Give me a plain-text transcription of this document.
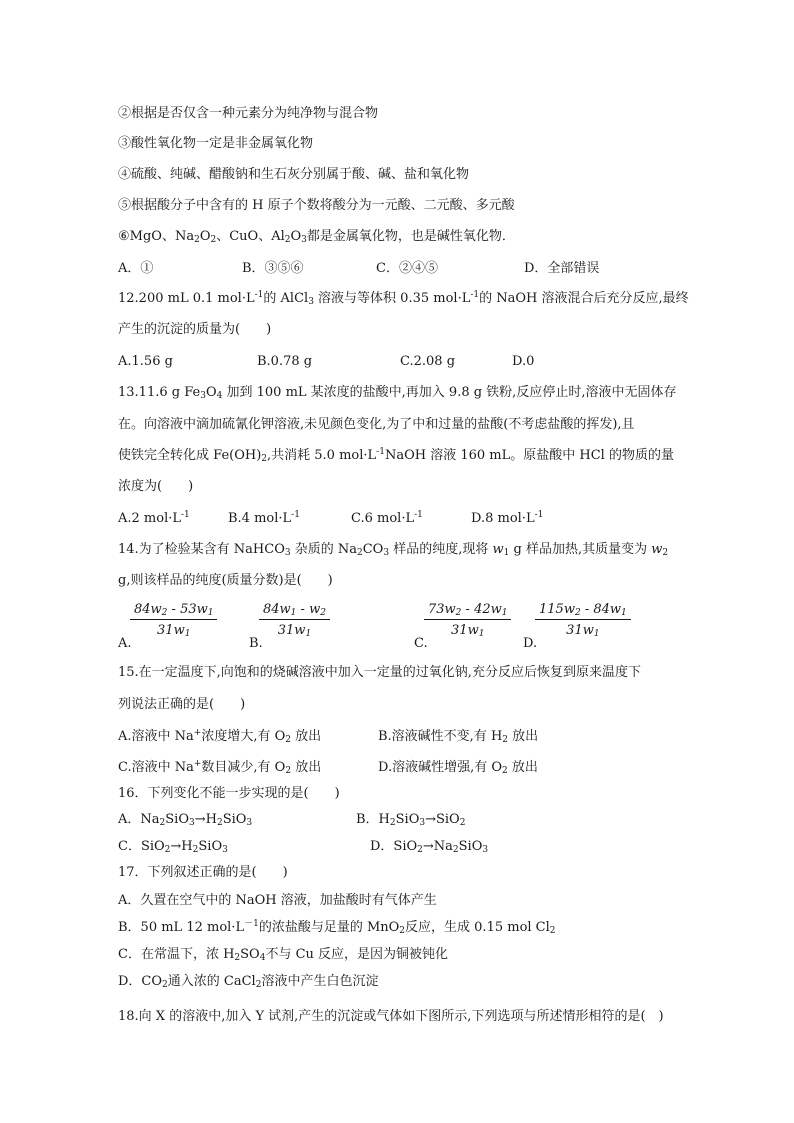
②根据是否仅含一种元素分为纯净物与混合物
③酸性氧化物一定是非金属氧化物
④硫酸、纯碱、醋酸钠和生石灰分别属于酸、碱、盐和氧化物
⑤根据酸分子中含有的 H 原子个数将酸分为一元酸、二元酸、多元酸
⑥MgO、$Na_2O_2$、CuO、$Al_2O_3$都是金属氧化物，也是碱性氧化物．
A．①	B．③⑤⑥	C．②④⑤	D．全部错误
12.200 mL 0.1 $mol\cdot L^{-1}$的 AlCl$_3$ 溶液与等体积 0.35 $mol\cdot L^{-1}$的 NaOH 溶液混合后充分反应,最终
产生的沉淀的质量为(　　)
A.1.56 g	B.0.78 g	C.2.08 g	D.0
13.11.6 g $Fe_3O_4$ 加到 100 mL 某浓度的盐酸中,再加入 9.8 g 铁粉,反应停止时,溶液中无固体存
在。向溶液中滴加硫氰化钾溶液,未见颜色变化,为了中和过量的盐酸(不考虑盐酸的挥发),且
使铁完全转化成 $Fe(OH)_2$,共消耗 5.0 $mol\cdot L^{-1}NaOH$ 溶液 160 mL。原盐酸中 HCl 的物质的量
浓度为(　　)
A.2 $mol\cdot L^{-1}$	B.4 $mol\cdot L^{-1}$	C.6 $mol\cdot L^{-1}$	D.8 $mol\cdot L^{-1}$
14.为了检验某含有 NaHCO$_3$ 杂质的 $Na_2CO_3$ 样品的纯度,现将 $w_1$ g 样品加热,其质量变为 $w_2$
g,则该样品的纯度(质量分数)是(　　)
A.
$84w_2 - 53w_1$
$31w_1$
B.
$84w_1 - w_2$
$31w_1$
C.
$73w_2 - 42w_1$
$31w_1$
D.
$115w_2 - 84w_1$
$31w_1$
15.在一定温度下,向饱和的烧碱溶液中加入一定量的过氧化钠,充分反应后恢复到原来温度下
列说法正确的是(　　)
A.溶液中 Na+浓度增大,有 $O_2$ 放出	B.溶液碱性不变,有 $H_2$ 放出
C.溶液中 Na+数目减少,有 $O_2$ 放出	D.溶液碱性增强,有 $O_2$ 放出
16．下列变化不能一步实现的是(　　)
A．$Na_2SiO_3\to H_2SiO_3$	B．$H_2SiO_3\to SiO_2$
C．$SiO_2\to H_2SiO_3$	D．$SiO_2\to Na_2SiO_3$
17．下列叙述正确的是(　　)
A．久置在空气中的 NaOH 溶液，加盐酸时有气体产生
B．50 mL 12 $mol\cdot L^{-1}$的浓盐酸与足量的 MnO$_2$反应，生成 0.15 mol $Cl_2$
C．在常温下，浓 $H_2SO_4$不与 Cu 反应，是因为铜被钝化
D．$CO_2$通入浓的 CaCl$_2$溶液中产生白色沉淀
18.向 X 的溶液中,加入 Y 试剂,产生的沉淀或气体如下图所示,下列选项与所述情形相符的是(　)
